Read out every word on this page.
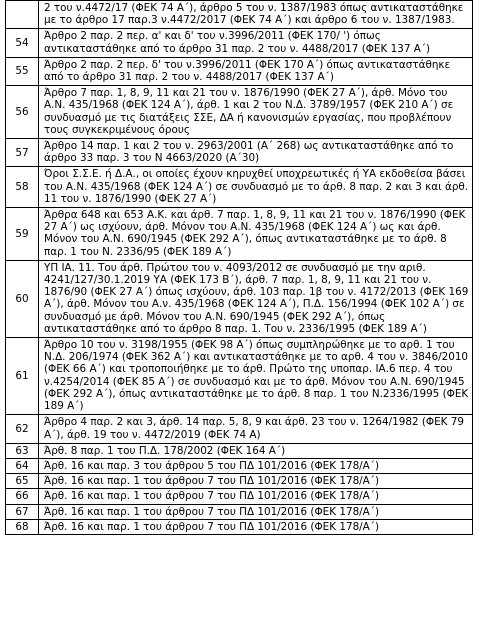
	2 του ν.4472/17 (ΦΕΚ 74 Α΄), άρθρο 5 του ν. 1387/1983 όπως αντικαταστάθηκε με το άρθρο 17 παρ.3 ν.4472/2017 (ΦΕΚ 74 Α΄) και άρθρο 6 του ν. 1387/1983.
54	Άρθρο 2 παρ. 2 περ. α' και δ' του ν.3996/2011 (ΦΕΚ 170/ ') όπως αντικαταστάθηκε από το άρθρο 31 παρ. 2 του ν. 4488/2017 (ΦΕΚ 137 Α΄)
55	Άρθρο 2 παρ. 2 περ. δ' του ν.3996/2011 (ΦΕΚ 170 Α΄) όπως αντικαταστάθηκε από το άρθρο 31 παρ. 2 του ν. 4488/2017 (ΦΕΚ 137 Α΄)
56	Άρθρο 7 παρ. 1, 8, 9, 11 και 21 του ν. 1876/1990 (ΦΕΚ 27 Α΄), άρθ. Μόνο του Α.Ν. 435/1968 (ΦΕΚ 124 Α΄), άρθ. 1 και 2 του Ν.Δ. 3789/1957 (ΦΕΚ 210 Α΄) σε συνδυασμό με τις διατάξεις ΣΣΕ, ΔΑ ή κανονισμών εργασίας, που προβλέπουν τους συγκεκριμένους όρους
57	Άρθρο 14 παρ. 1 και 2 του ν. 2963/2001 (Α΄ 268) ως αντικαταστάθηκε από το άρθρο 33 παρ. 3 του N 4663/2020 (Α΄30)
58	Όροι Σ.Σ.Ε. ή Δ.Α., οι οποίες έχουν κηρυχθεί υποχρεωτικές ή ΥΑ εκδοθείσα βάσει του Α.Ν. 435/1968 (ΦΕΚ 124 Α΄) σε συνδυασμό με το άρθ. 8 παρ. 2 και 3 και άρθ. 11 του ν. 1876/1990 (ΦΕΚ 27 Α΄)
59	Άρθρα 648 και 653 Α.Κ. και άρθ. 7 παρ. 1, 8, 9, 11 και 21 του ν. 1876/1990 (ΦΕΚ 27 Α΄) ως ισχύουν, άρθ. Μόνον του Α.Ν. 435/1968 (ΦΕΚ 124 Α΄) ως και άρθ. Μόνον του Α.Ν. 690/1945 (ΦΕΚ 292 Α΄), όπως αντικαταστάθηκε με το άρθ. 8 παρ. 1 του Ν. 2336/95 (ΦΕΚ 189 Α΄)
60	ΥΠ ΙΑ. 11. Του άρθ. Πρώτου του ν. 4093/2012 σε συνδυασμό με την αριθ. 4241/127/30.1.2019 ΥΑ (ΦΕΚ 173 Β΄), άρθ. 7 παρ. 1, 8, 9, 11 και 21 του ν. 1876/90 (ΦΕΚ 27 Α΄) όπως ισχύουν, άρθ. 103 παρ. 1β του ν. 4172/2013 (ΦΕΚ 169 Α΄), άρθ. Μόνον του Α.ν. 435/1968 (ΦΕΚ 124 Α΄), Π.Δ. 156/1994 (ΦΕΚ 102 Α΄) σε συνδυασμό με άρθ. Μόνον του Α.Ν. 690/1945 (ΦΕΚ 292 Α΄), όπως αντικαταστάθηκε από το άρθρο 8 παρ. 1. Του ν. 2336/1995 (ΦΕΚ 189 Α΄)
61	Άρθρο 10 του ν. 3198/1955 (ΦΕΚ 98 Α΄) όπως συμπληρώθηκε με το αρθ. 1 του Ν.Δ. 206/1974 (ΦΕΚ 362 Α΄) και αντικαταστάθηκε με το αρθ. 4 του ν. 3846/2010 (ΦΕΚ 66 Α΄) και τροποποιήθηκε με το άρθ. Πρώτο της υποπαρ. ΙΑ.6 περ. 4 του ν.4254/2014 (ΦΕΚ 85 Α΄) σε συνδυασμό και με το άρθ. Μόνον του Α.Ν. 690/1945 (ΦΕΚ 292 Α΄), όπως αντικαταστάθηκε με το άρθ. 8 παρ. 1 του Ν.2336/1995 (ΦΕΚ 189 Α΄)
62	Άρθρο 4 παρ. 2 και 3, άρθ. 14 παρ. 5, 8, 9 και άρθ. 23 του ν. 1264/1982 (ΦΕΚ 79 Α΄), άρθ. 19 του ν. 4472/2019 (ΦΕΚ 74 Α)
63	Άρθ. 8 παρ. 1 του Π.Δ. 178/2002 (ΦΕΚ 164 Α΄)
64	Άρθ. 16 και παρ. 3 του άρθρου 5 του ΠΔ 101/2016 (ΦΕΚ 178/Α΄)
65	Άρθ. 16 και παρ. 1 του άρθρου 7 του ΠΔ 101/2016 (ΦΕΚ 178/Α΄)
66	Άρθ. 16 και παρ. 1 του άρθρου 7 του ΠΔ 101/2016 (ΦΕΚ 178/Α΄)
67	Άρθ. 16 και παρ. 1 του άρθρου 7 του ΠΔ 101/2016 (ΦΕΚ 178/Α΄)
68	Άρθ. 16 και παρ. 1 του άρθρου 7 του ΠΔ 101/2016 (ΦΕΚ 178/Α΄)
